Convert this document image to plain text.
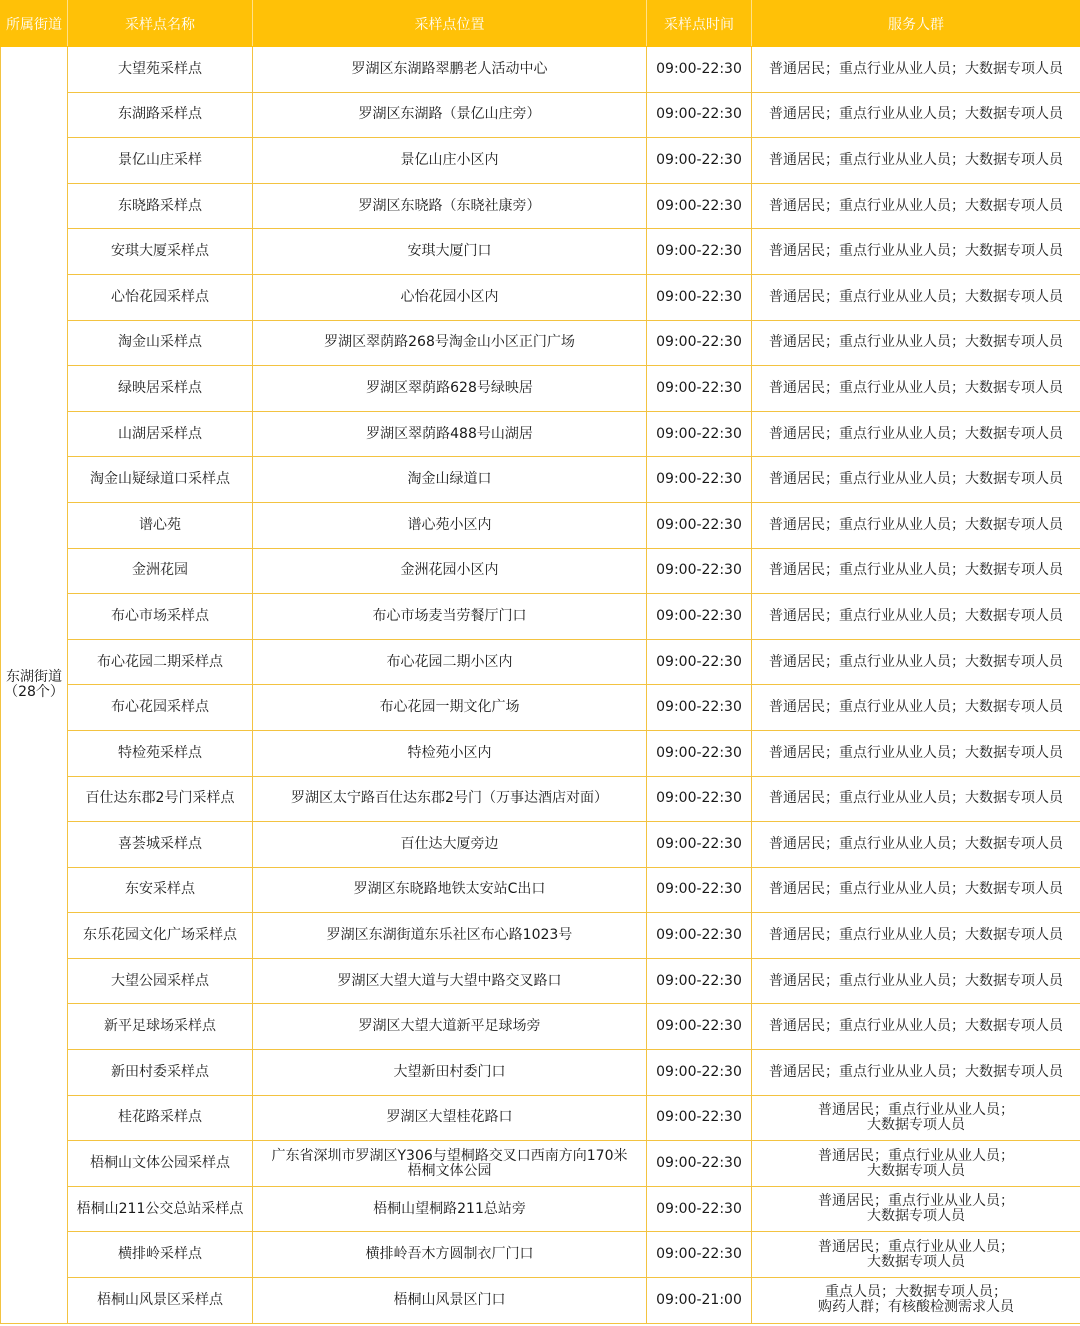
所属街道	采样点名称	采样点位置	采样点时间	服务人群

东湖街道
（28个）	大望苑采样点	罗湖区东湖路翠鹏老人活动中心	09:00-22:30	普通居民；重点行业从业人员；大数据专项人员
	东湖路采样点	罗湖区东湖路（景亿山庄旁）	09:00-22:30	普通居民；重点行业从业人员；大数据专项人员
	景亿山庄采样	景亿山庄小区内	09:00-22:30	普通居民；重点行业从业人员；大数据专项人员
	东晓路采样点	罗湖区东晓路（东晓社康旁）	09:00-22:30	普通居民；重点行业从业人员；大数据专项人员
	安琪大厦采样点	安琪大厦门口	09:00-22:30	普通居民；重点行业从业人员；大数据专项人员
	心怡花园采样点	心怡花园小区内	09:00-22:30	普通居民；重点行业从业人员；大数据专项人员
	淘金山采样点	罗湖区翠荫路268号淘金山小区正门广场	09:00-22:30	普通居民；重点行业从业人员；大数据专项人员
	绿映居采样点	罗湖区翠荫路628号绿映居	09:00-22:30	普通居民；重点行业从业人员；大数据专项人员
	山湖居采样点	罗湖区翠荫路488号山湖居	09:00-22:30	普通居民；重点行业从业人员；大数据专项人员
	淘金山疑绿道口采样点	淘金山绿道口	09:00-22:30	普通居民；重点行业从业人员；大数据专项人员
	谱心苑	谱心苑小区内	09:00-22:30	普通居民；重点行业从业人员；大数据专项人员
	金洲花园	金洲花园小区内	09:00-22:30	普通居民；重点行业从业人员；大数据专项人员
	布心市场采样点	布心市场麦当劳餐厅门口	09:00-22:30	普通居民；重点行业从业人员；大数据专项人员
	布心花园二期采样点	布心花园二期小区内	09:00-22:30	普通居民；重点行业从业人员；大数据专项人员
	布心花园采样点	布心花园一期文化广场	09:00-22:30	普通居民；重点行业从业人员；大数据专项人员
	特检苑采样点	特检苑小区内	09:00-22:30	普通居民；重点行业从业人员；大数据专项人员
	百仕达东郡2号门采样点	罗湖区太宁路百仕达东郡2号门（万事达酒店对面）	09:00-22:30	普通居民；重点行业从业人员；大数据专项人员
	喜荟城采样点	百仕达大厦旁边	09:00-22:30	普通居民；重点行业从业人员；大数据专项人员
	东安采样点	罗湖区东晓路地铁太安站C出口	09:00-22:30	普通居民；重点行业从业人员；大数据专项人员
	东乐花园文化广场采样点	罗湖区东湖街道东乐社区布心路1023号	09:00-22:30	普通居民；重点行业从业人员；大数据专项人员
	大望公园采样点	罗湖区大望大道与大望中路交叉路口	09:00-22:30	普通居民；重点行业从业人员；大数据专项人员
	新平足球场采样点	罗湖区大望大道新平足球场旁	09:00-22:30	普通居民；重点行业从业人员；大数据专项人员
	新田村委采样点	大望新田村委门口	09:00-22:30	普通居民；重点行业从业人员；大数据专项人员
	桂花路采样点	罗湖区大望桂花路口	09:00-22:30	普通居民；重点行业从业人员；
大数据专项人员
	梧桐山文体公园采样点	广东省深圳市罗湖区Y306与望桐路交叉口西南方向170米
梧桐文体公园	09:00-22:30	普通居民；重点行业从业人员；
大数据专项人员
	梧桐山211公交总站采样点	梧桐山望桐路211总站旁	09:00-22:30	普通居民；重点行业从业人员；
大数据专项人员
	横排岭采样点	横排岭吾木方圆制衣厂门口	09:00-22:30	普通居民；重点行业从业人员；
大数据专项人员
	梧桐山风景区采样点	梧桐山风景区门口	09:00-21:00	重点人员；大数据专项人员；
购药人群；有核酸检测需求人员
